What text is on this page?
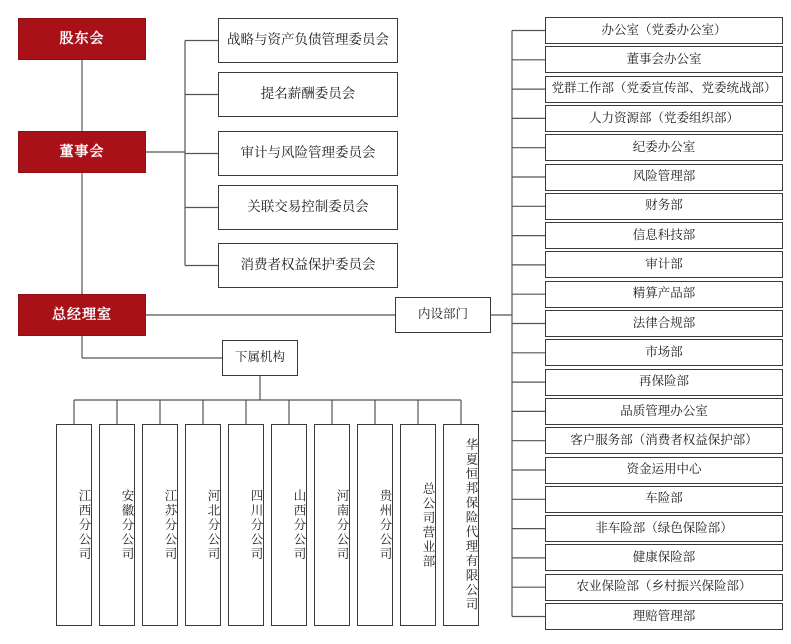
股东会
董事会
总经理室
战略与资产负债管理委员会
提名薪酬委员会
审计与风险管理委员会
关联交易控制委员会
消费者权益保护委员会
内设部门
下属机构
办公室（党委办公室）
董事会办公室
党群工作部（党委宣传部、党委统战部）
人力资源部（党委组织部）
纪委办公室
风险管理部
财务部
信息科技部
审计部
精算产品部
法律合规部
市场部
再保险部
品质管理办公室
客户服务部（消费者权益保护部）
资金运用中心
车险部
非车险部（绿色保险部）
健康保险部
农业保险部（乡村振兴保险部）
理赔管理部
江西分公司	安徽分公司	江苏分公司	河北分公司	四川分公司	山西分公司	河南分公司	贵州分公司	总公司营业部	华夏恒邦保险代理有限公司
